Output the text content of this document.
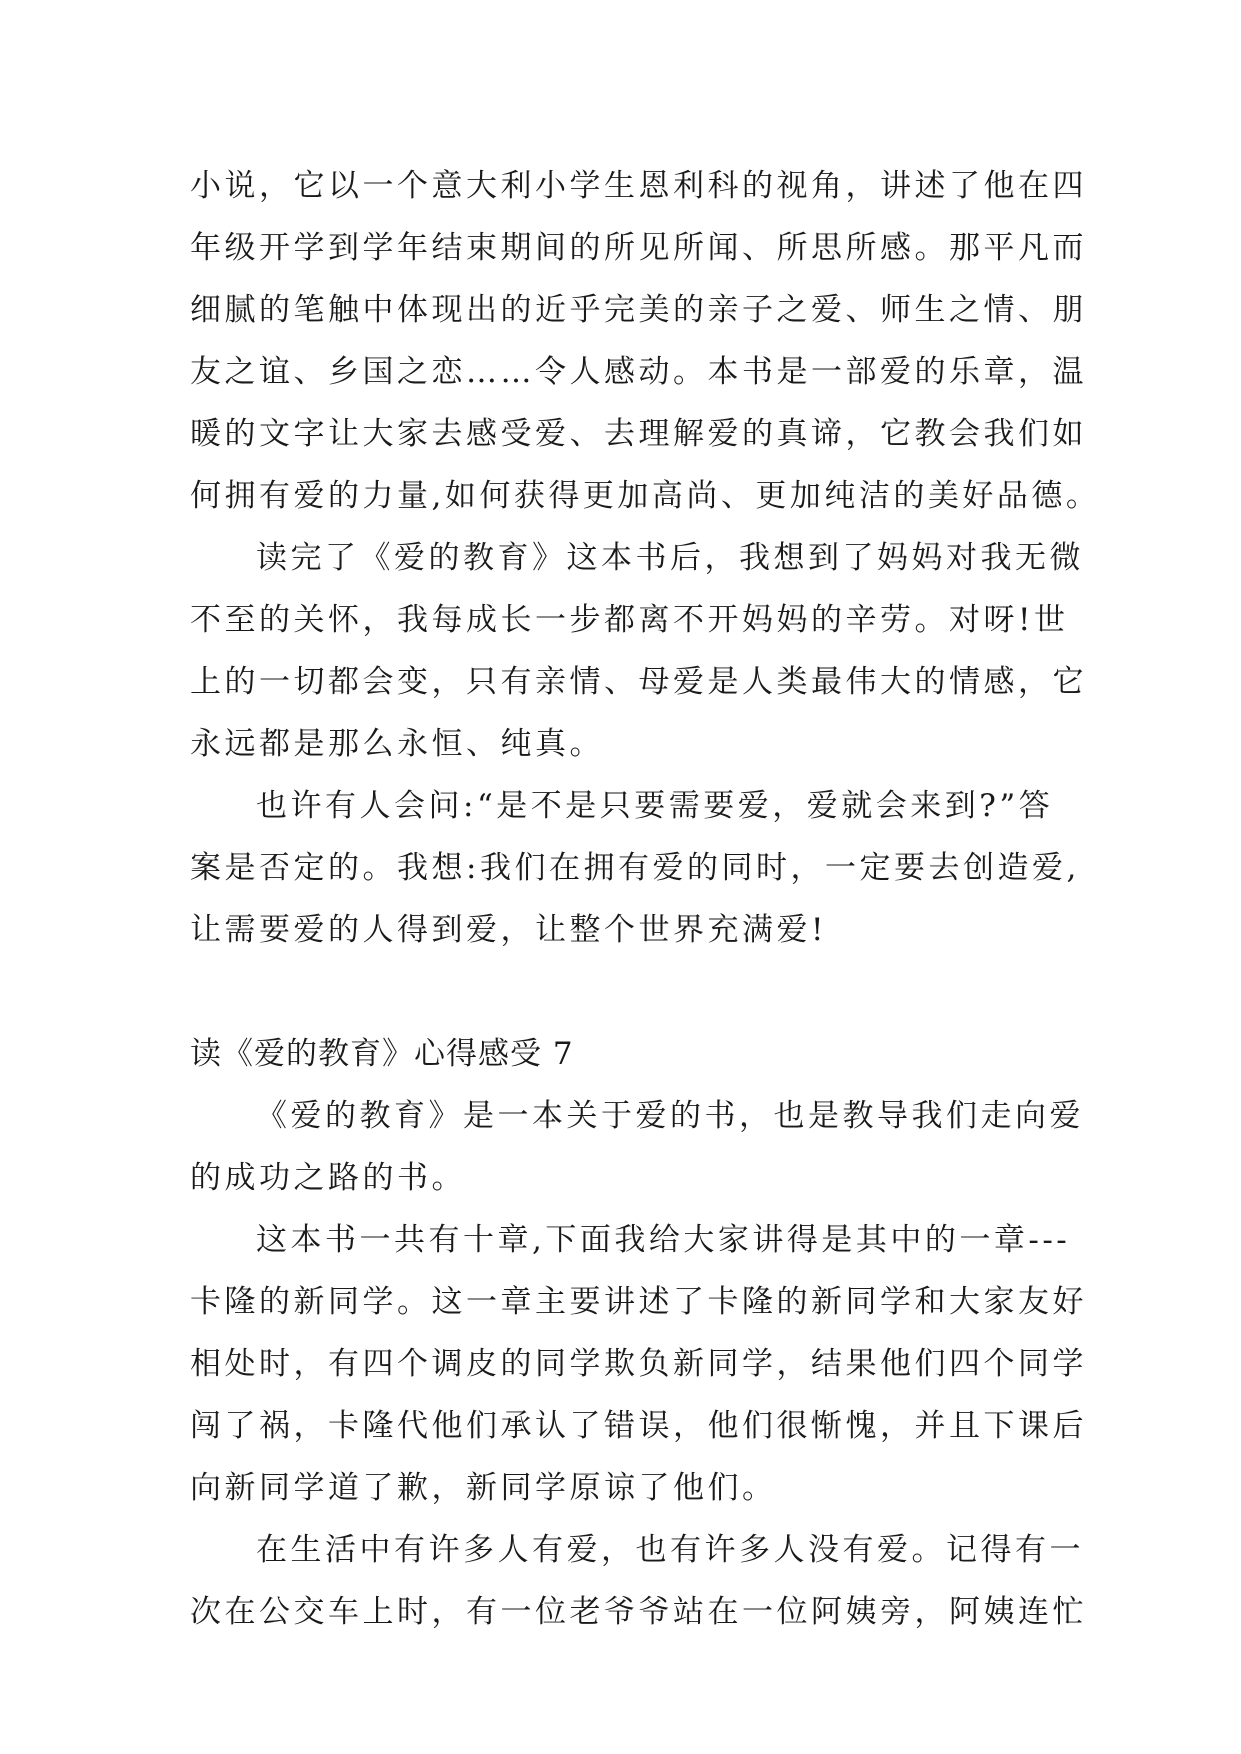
小说，它以一个意大利小学生恩利科的视角，讲述了他在四
年级开学到学年结束期间的所见所闻、所思所感。那平凡而
细腻的笔触中体现出的近乎完美的亲子之爱、师生之情、朋
友之谊、乡国之恋……令人感动。本书是一部爱的乐章，温
暖的文字让大家去感受爱、去理解爱的真谛，它教会我们如
何拥有爱的力量,如何获得更加高尚、更加纯洁的美好品德。
读完了《爱的教育》这本书后，我想到了妈妈对我无微
不至的关怀，我每成长一步都离不开妈妈的辛劳。对呀!世
上的一切都会变，只有亲情、母爱是人类最伟大的情感，它
永远都是那么永恒、纯真。
也许有人会问:“是不是只要需要爱，爱就会来到?”答
案是否定的。我想:我们在拥有爱的同时，一定要去创造爱,
让需要爱的人得到爱，让整个世界充满爱!
读《爱的教育》心得感受 7
《爱的教育》是一本关于爱的书，也是教导我们走向爱
的成功之路的书。
这本书一共有十章,下面我给大家讲得是其中的一章---
卡隆的新同学。这一章主要讲述了卡隆的新同学和大家友好
相处时，有四个调皮的同学欺负新同学，结果他们四个同学
闯了祸，卡隆代他们承认了错误，他们很惭愧，并且下课后
向新同学道了歉，新同学原谅了他们。
在生活中有许多人有爱，也有许多人没有爱。记得有一
次在公交车上时，有一位老爷爷站在一位阿姨旁，阿姨连忙
